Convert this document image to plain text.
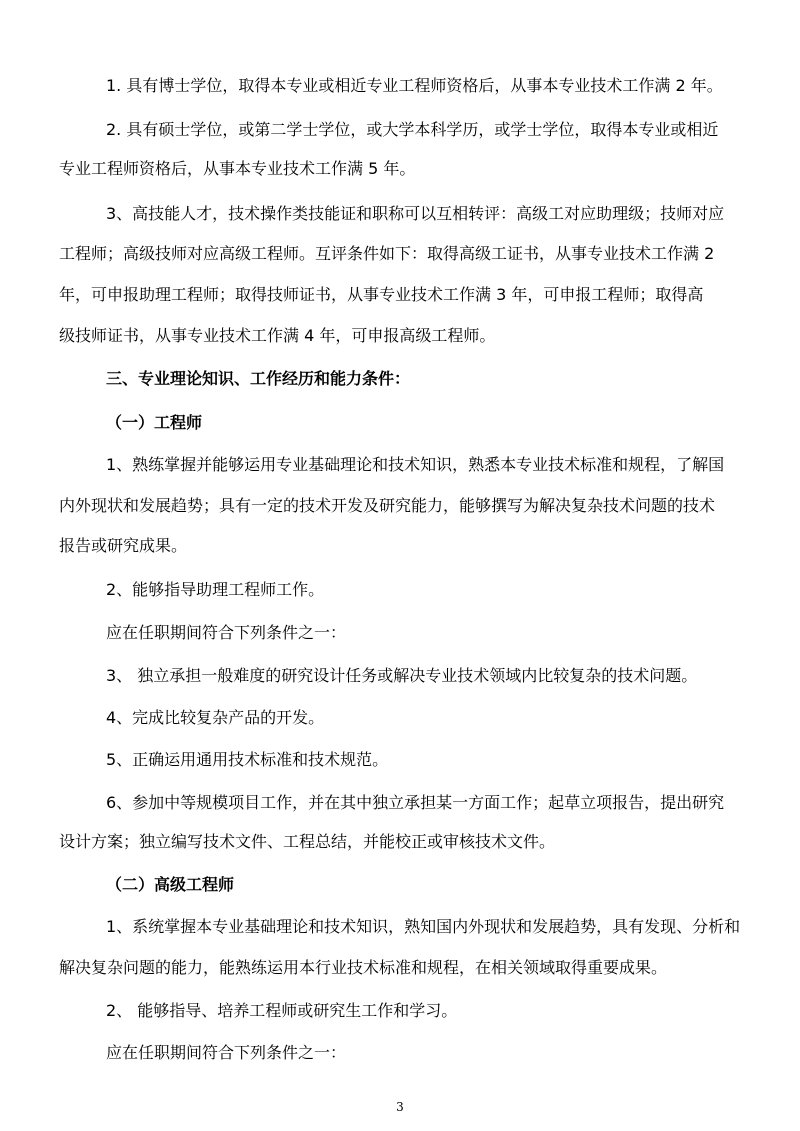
1. 具有博士学位，取得本专业或相近专业工程师资格后，从事本专业技术工作满 2 年。

2. 具有硕士学位，或第二学士学位，或大学本科学历，或学士学位，取得本专业或相近

专业工程师资格后，从事本专业技术工作满 5 年。

3、高技能人才，技术操作类技能证和职称可以互相转评：高级工对应助理级；技师对应

工程师；高级技师对应高级工程师。互评条件如下：取得高级工证书，从事专业技术工作满 2

年，可申报助理工程师；取得技师证书，从事专业技术工作满 3 年，可申报工程师；取得高

级技师证书，从事专业技术工作满 4 年，可申报高级工程师。

三、专业理论知识、工作经历和能力条件：

（一）工程师

1、熟练掌握并能够运用专业基础理论和技术知识，熟悉本专业技术标准和规程，了解国

内外现状和发展趋势；具有一定的技术开发及研究能力，能够撰写为解决复杂技术问题的技术

报告或研究成果。

2、能够指导助理工程师工作。

应在任职期间符合下列条件之一：

3、 独立承担一般难度的研究设计任务或解决专业技术领域内比较复杂的技术问题。

4、完成比较复杂产品的开发。

5、正确运用通用技术标准和技术规范。

6、参加中等规模项目工作，并在其中独立承担某一方面工作；起草立项报告，提出研究

设计方案；独立编写技术文件、工程总结，并能校正或审核技术文件。

（二）高级工程师

1、系统掌握本专业基础理论和技术知识，熟知国内外现状和发展趋势，具有发现、分析和

解决复杂问题的能力，能熟练运用本行业技术标准和规程，在相关领域取得重要成果。

2、 能够指导、培养工程师或研究生工作和学习。

应在任职期间符合下列条件之一：

3
